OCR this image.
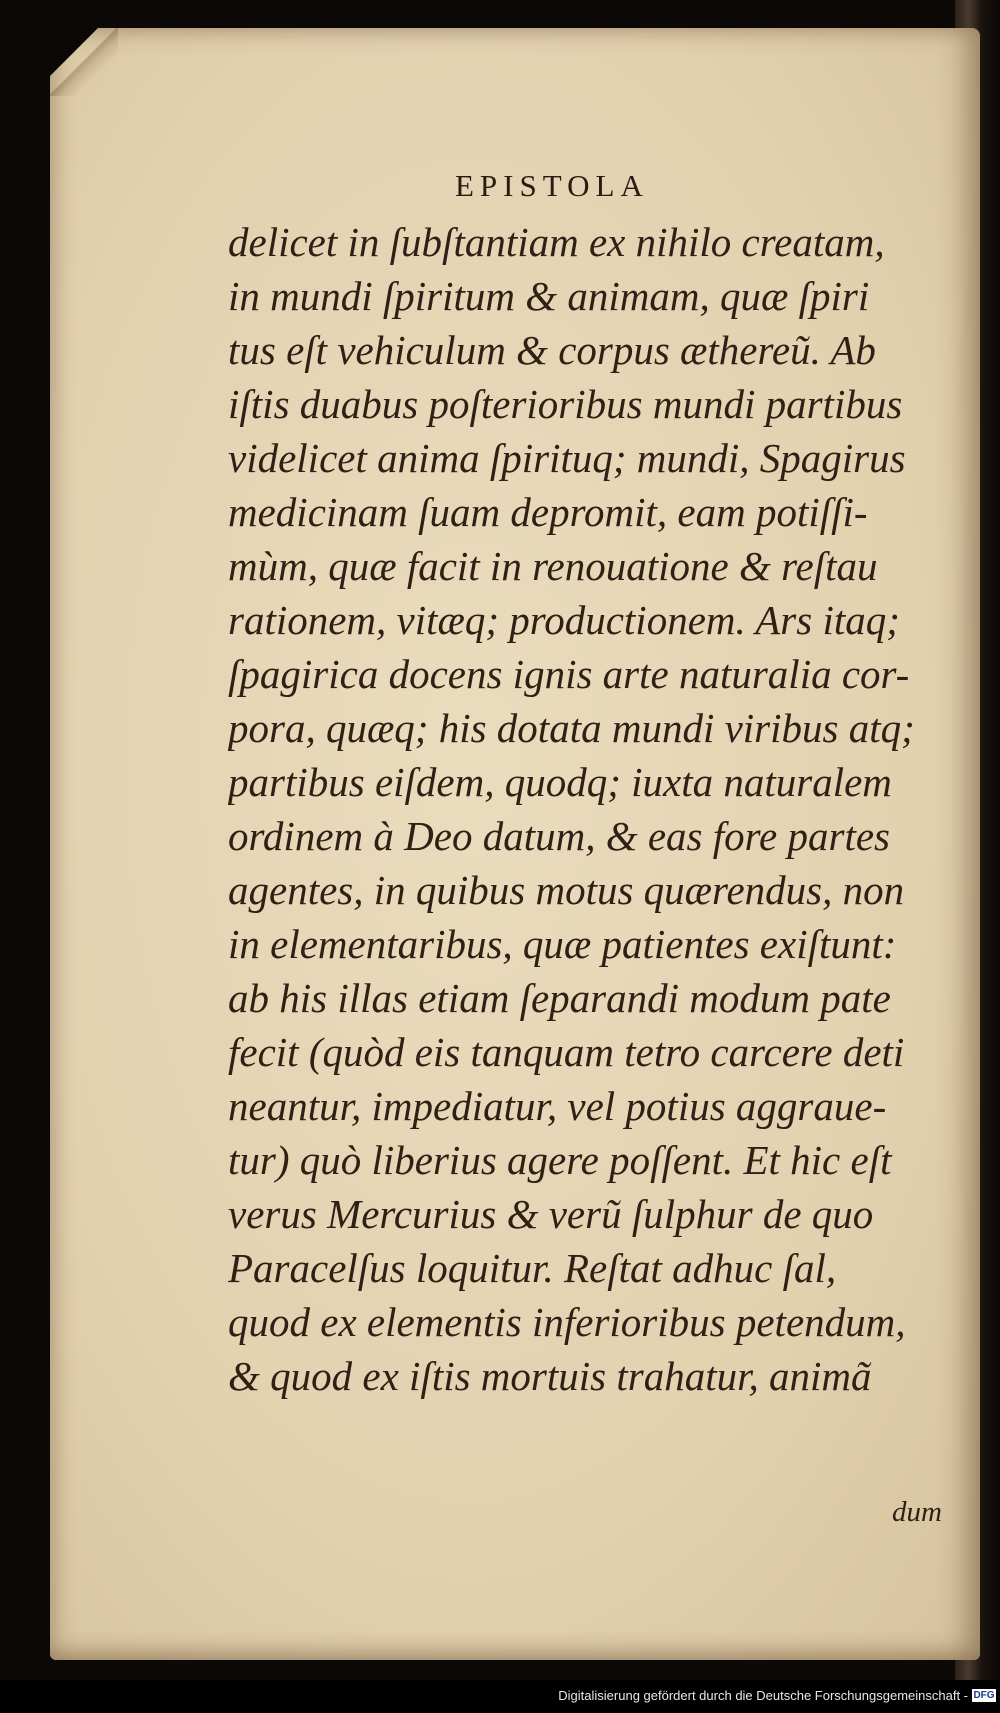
EPISTOLA
delicet in ſubſtantiam ex nihilo creatam,
in mundi ſpiritum & animam, quæ ſpiri
tus eſt vehiculum & corpus æthereũ. Ab
iſtis duabus poſterioribus mundi partibus
videlicet anima ſpirituq; mundi, Spagirus
medicinam ſuam depromit, eam potiſſi-
mùm, quæ facit in renouatione & reſtau
rationem, vitæq; productionem. Ars itaq;
ſpagirica docens ignis arte naturalia cor-
pora, quæq; his dotata mundi viribus atq;
partibus eiſdem, quodq; iuxta naturalem
ordinem à Deo datum, & eas fore partes
agentes, in quibus motus quærendus, non
in elementaribus, quæ patientes exiſtunt:
ab his illas etiam ſeparandi modum pate
fecit (quòd eis tanquam tetro carcere deti
neantur, impediatur, vel potius aggraue-
tur) quò liberius agere poſſent. Et hic eſt
verus Mercurius & verũ ſulphur de quo
Paracelſus loquitur. Reſtat adhuc ſal,
quod ex elementis inferioribus petendum,
& quod ex iſtis mortuis trahatur, animã
dum
Digitalisierung gefördert durch die Deutsche Forschungsgemeinschaft - DFG
